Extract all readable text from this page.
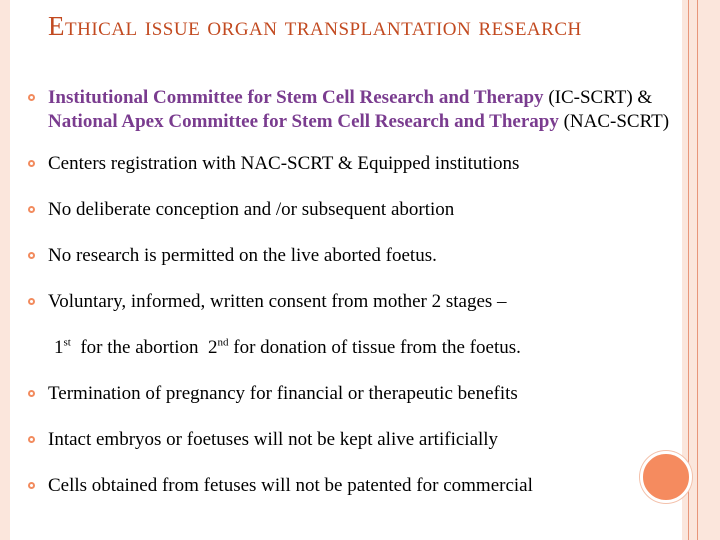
Ethical issue organ transplantation research
Institutional Committee for Stem Cell Research and Therapy (IC-SCRT) & National Apex Committee for Stem Cell Research and Therapy (NAC-SCRT)
Centers registration with NAC-SCRT & Equipped institutions
No deliberate conception and /or subsequent abortion
No research is permitted on the live aborted foetus.
Voluntary, informed, written consent from mother 2 stages –
1st  for the abortion  2nd for donation of tissue from the foetus.
Termination of pregnancy for financial or therapeutic benefits
Intact embryos or foetuses will not be kept alive artificially
Cells obtained from fetuses will not be patented for commercial
